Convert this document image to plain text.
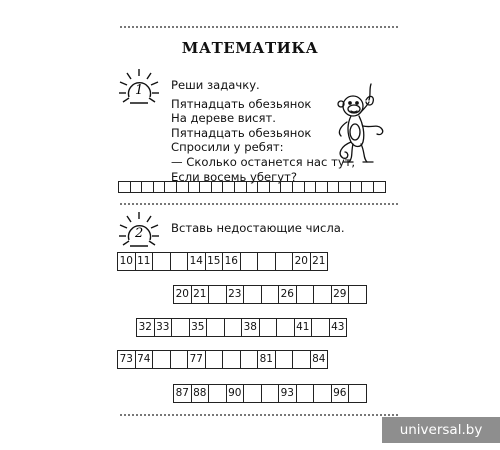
МАТЕМАТИКА
1 Реши задачку.
Пятнадцать обезьянок
На дереве висят.
Пятнадцать обезьянок
Спросили у ребят:
— Сколько останется нас тут,
Если восемь убегут?
2 Вставь недостающие числа.
10 11	14 15 16	20 21
20 21 23	26	29
32 33 35	38	41 43
73 74	77	81	84
87 88 90	93	96
universal.by
